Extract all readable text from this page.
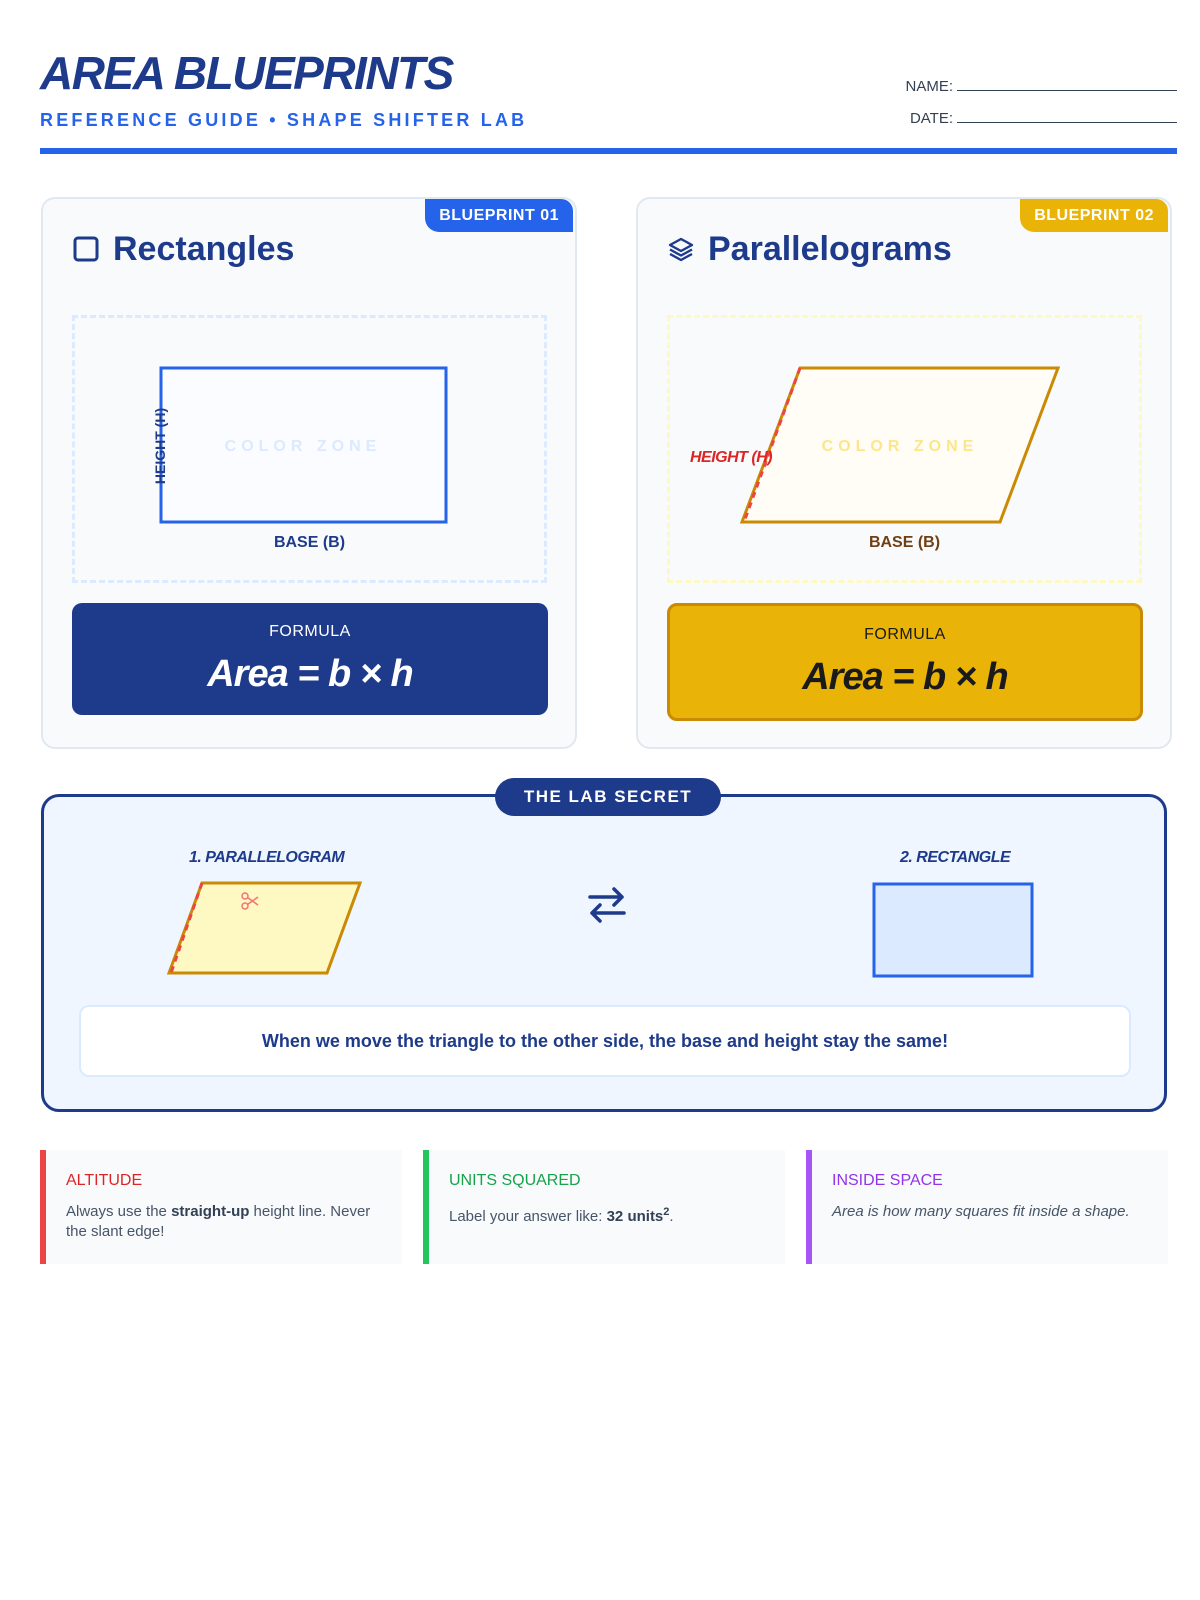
AREA BLUEPRINTS
REFERENCE GUIDE • SHAPE SHIFTER LAB
NAME:
DATE:
BLUEPRINT 01
Rectangles
COLOR ZONE
HEIGHT (H)
BASE (B)
FORMULA
Area = b × h
BLUEPRINT 02
Parallelograms
COLOR ZONE
HEIGHT (H)
BASE (B)
FORMULA
Area = b × h
THE LAB SECRET
1. PARALLELOGRAM	2. RECTANGLE
When we move the triangle to the other side, the base and height stay the same!
ALTITUDE
Always use the straight-up height line. Never the slant edge!
UNITS SQUARED
Label your answer like: 32 units$^2$.
INSIDE SPACE
Area is how many squares fit inside a shape.
